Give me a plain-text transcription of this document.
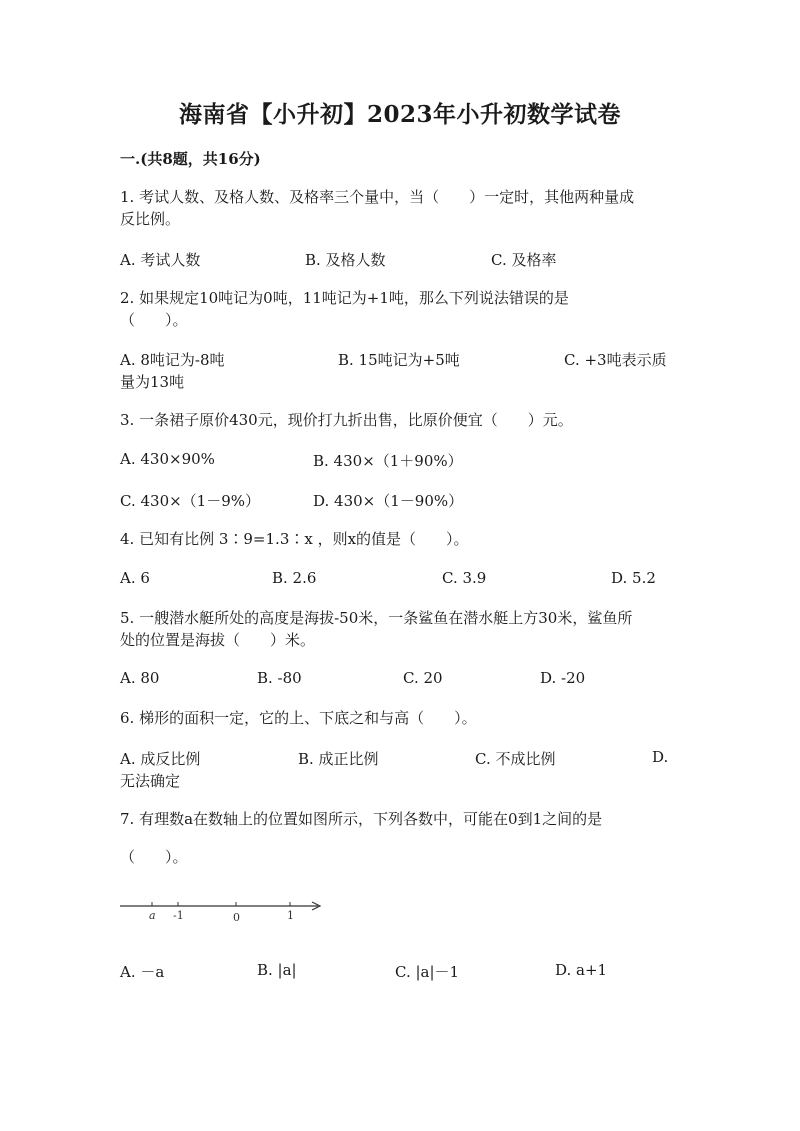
海南省【小升初】2023年小升初数学试卷
一.(共8题，共16分)
1. 考试人数、及格人数、及格率三个量中，当（　　）一定时，其他两种量成
反比例。
A. 考试人数	B. 及格人数	C. 及格率
2. 如果规定10吨记为0吨，11吨记为+1吨，那么下列说法错误的是
（　　）。
A. 8吨记为-8吨	B. 15吨记为+5吨	C. +3吨表示质
量为13吨
3. 一条裙子原价430元，现价打九折出售，比原价便宜（　　）元。
A. 430×90%	B. 430×（1＋90%）
C. 430×（1－9%）	D. 430×（1－90%）
4. 已知有比例 3∶9=1.3∶x ，则x的值是（　　）。
A. 6	B. 2.6	C. 3.9	D. 5.2
5. 一艘潜水艇所处的高度是海拔-50米，一条鲨鱼在潜水艇上方30米，鲨鱼所
处的位置是海拔（　　）米。
A. 80	B. -80	C. 20	D. -20
6. 梯形的面积一定，它的上、下底之和与高（　　）。
A. 成反比例	B. 成正比例	C. 不成比例	D.
无法确定
7. 有理数a在数轴上的位置如图所示，下列各数中，可能在0到1之间的是
（　　）。
a -1	0	1
A. －a	B. |a|	C. |a|－1	D. a+1
